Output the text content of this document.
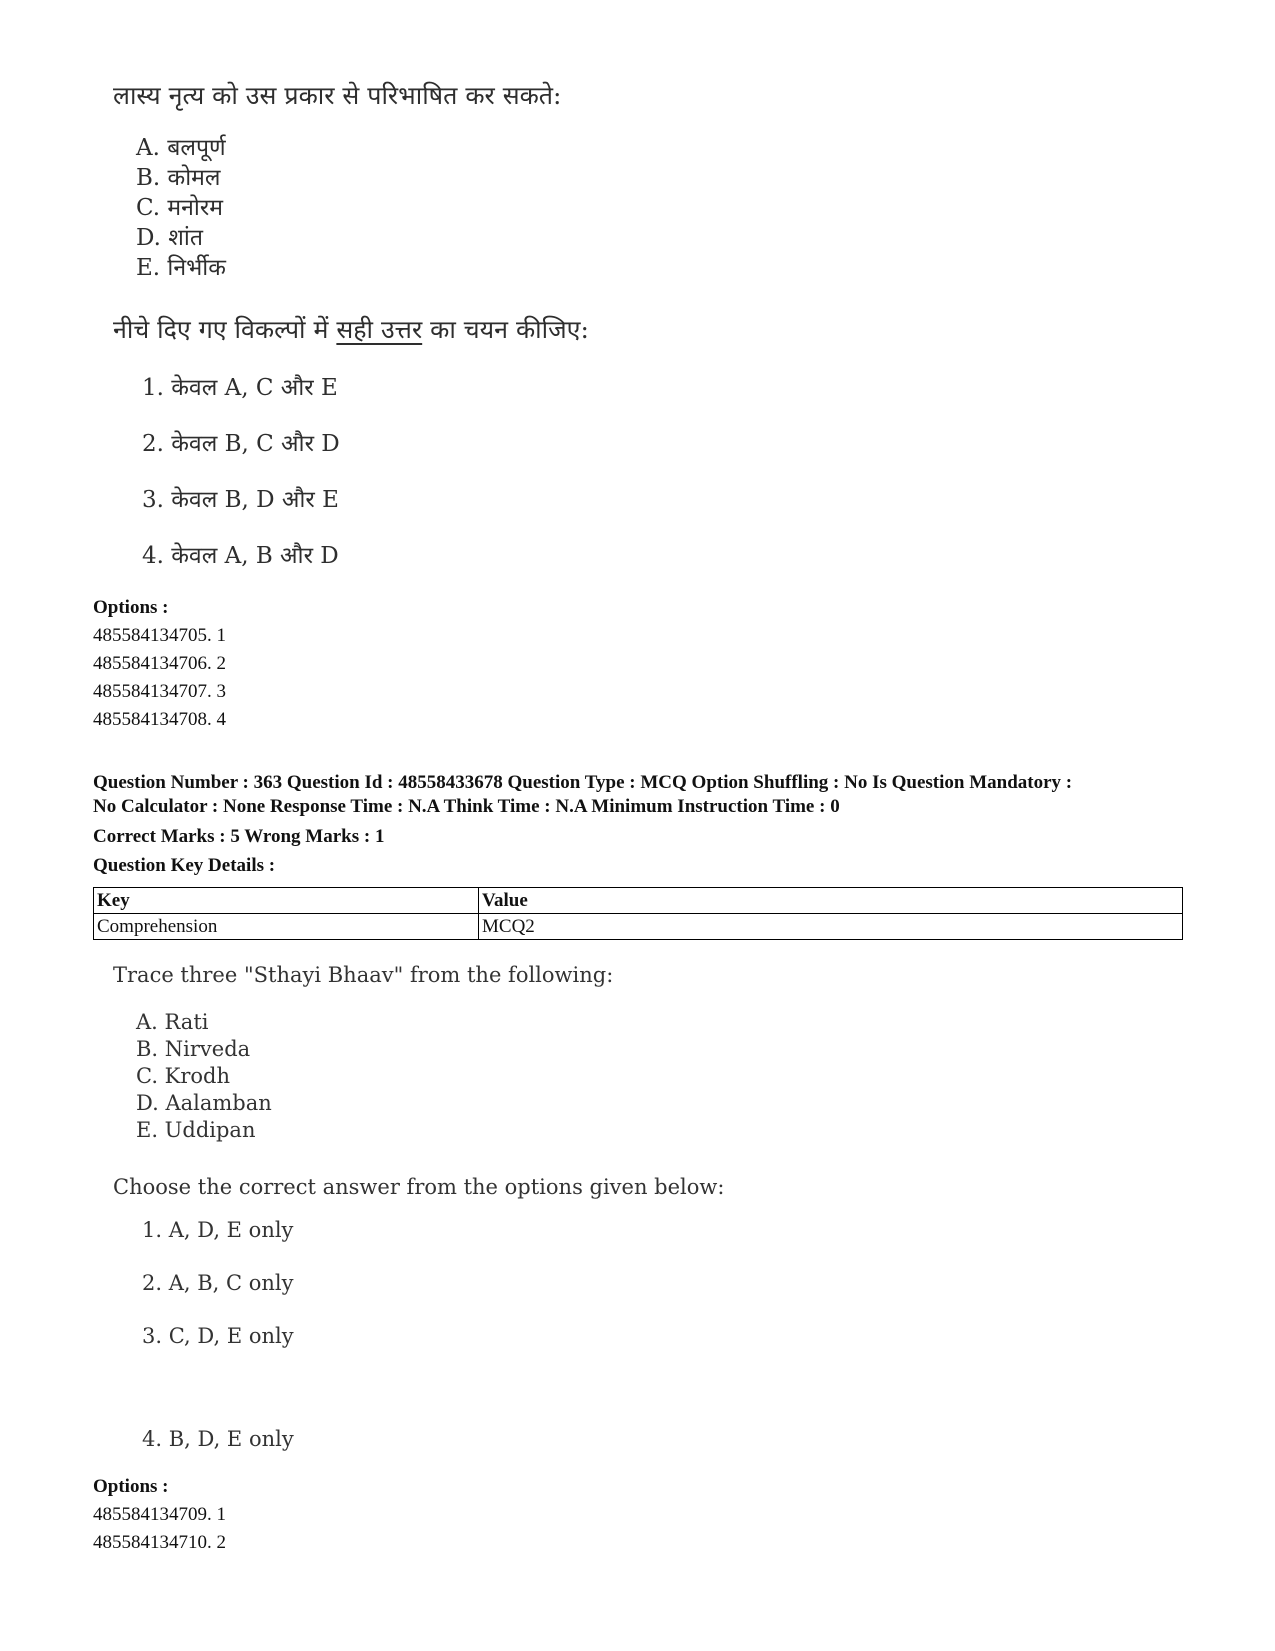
लास्य नृत्य को उस प्रकार से परिभाषित कर सकते:
A. बलपूर्ण
B. कोमल
C. मनोरम
D. शांत
E. निर्भीक
नीचे दिए गए विकल्पों में सही उत्तर का चयन कीजिए:
1. केवल A, C और E
2. केवल B, C और D
3. केवल B, D और E
4. केवल A, B और D
Options :
485584134705. 1
485584134706. 2
485584134707. 3
485584134708. 4
Question Number : 363 Question Id : 48558433678 Question Type : MCQ Option Shuffling : No Is Question Mandatory :
No Calculator : None Response Time : N.A Think Time : N.A Minimum Instruction Time : 0
Correct Marks : 5 Wrong Marks : 1
Question Key Details :
Key	Value
Comprehension	MCQ2
Trace three "Sthayi Bhaav" from the following:
A. Rati
B. Nirveda
C. Krodh
D. Aalamban
E. Uddipan
Choose the correct answer from the options given below:
1. A, D, E only
2. A, B, C only
3. C, D, E only
4. B, D, E only
Options :
485584134709. 1
485584134710. 2
